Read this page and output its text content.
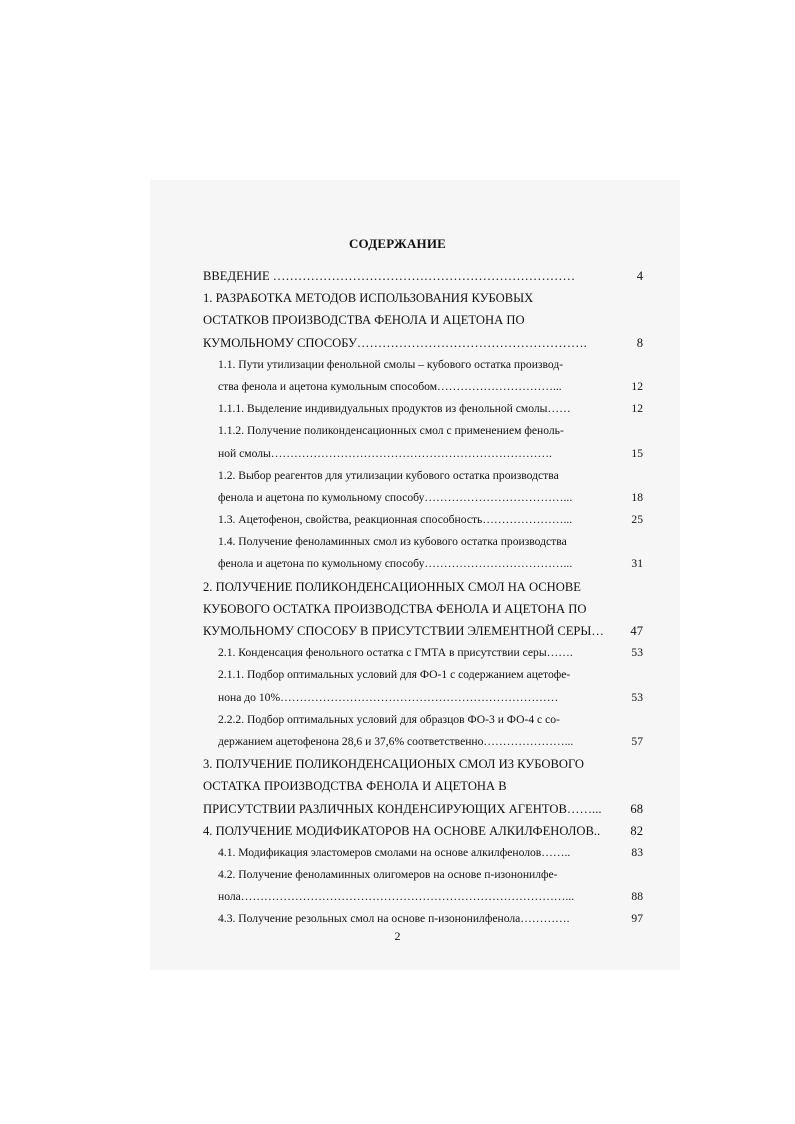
СОДЕРЖАНИЕ
ВВЕДЕНИЕ ………………………………………………………………	4
1. РАЗРАБОТКА МЕТОДОВ ИСПОЛЬЗОВАНИЯ КУБОВЫХ
ОСТАТКОВ ПРОИЗВОДСТВА ФЕНОЛА И АЦЕТОНА ПО
КУМОЛЬНОМУ СПОСОБУ……………………………………………….	8
1.1. Пути утилизации фенольной смолы – кубового остатка производ-
ства фенола и ацетона кумольным способом…………………………...	12
1.1.1. Выделение индивидуальных продуктов из фенольной смолы……	12
1.1.2. Получение поликонденсационных смол с применением феноль-
ной смолы……………………………………………………………….	15
1.2. Выбор реагентов для утилизации кубового остатка производства
фенола и ацетона по кумольному способу………………………………...	18
1.3. Ацетофенон, свойства, реакционная способность…………………...	25
1.4. Получение феноламинных смол из кубового остатка производства
фенола и ацетона по кумольному способу………………………………...	31
2. ПОЛУЧЕНИЕ ПОЛИКОНДЕНСАЦИОННЫХ СМОЛ НА ОСНОВЕ
КУБОВОГО ОСТАТКА ПРОИЗВОДСТВА ФЕНОЛА И АЦЕТОНА ПО
КУМОЛЬНОМУ СПОСОБУ В ПРИСУТСТВИИ ЭЛЕМЕНТНОЙ СЕРЫ…	47
2.1. Конденсация фенольного остатка с ГМТА в присутствии серы…….	53
2.1.1. Подбор оптимальных условий для ФО-1 с содержанием ацетофе-
нона до 10%………………………………………………………………	53
2.2.2. Подбор оптимальных условий для образцов ФО-3 и ФО-4 с со-
держанием ацетофенона 28,6 и 37,6% соответственно…………………...	57
3. ПОЛУЧЕНИЕ ПОЛИКОНДЕНСАЦИОНЫХ СМОЛ ИЗ КУБОВОГО
ОСТАТКА ПРОИЗВОДСТВА ФЕНОЛА И АЦЕТОНА В
ПРИСУТСТВИИ РАЗЛИЧНЫХ КОНДЕНСИРУЮЩИХ АГЕНТОВ……...	68
4. ПОЛУЧЕНИЕ МОДИФИКАТОРОВ НА ОСНОВЕ АЛКИЛФЕНОЛОВ..	82
4.1. Модификация эластомеров смолами на основе алкилфенолов……..	83
4.2. Получение феноламинных олигомеров на основе п-изононилфе-
нола…………………………………………………………………………...	88
4.3. Получение резольных смол на основе п-изононилфенола………….	97
2
